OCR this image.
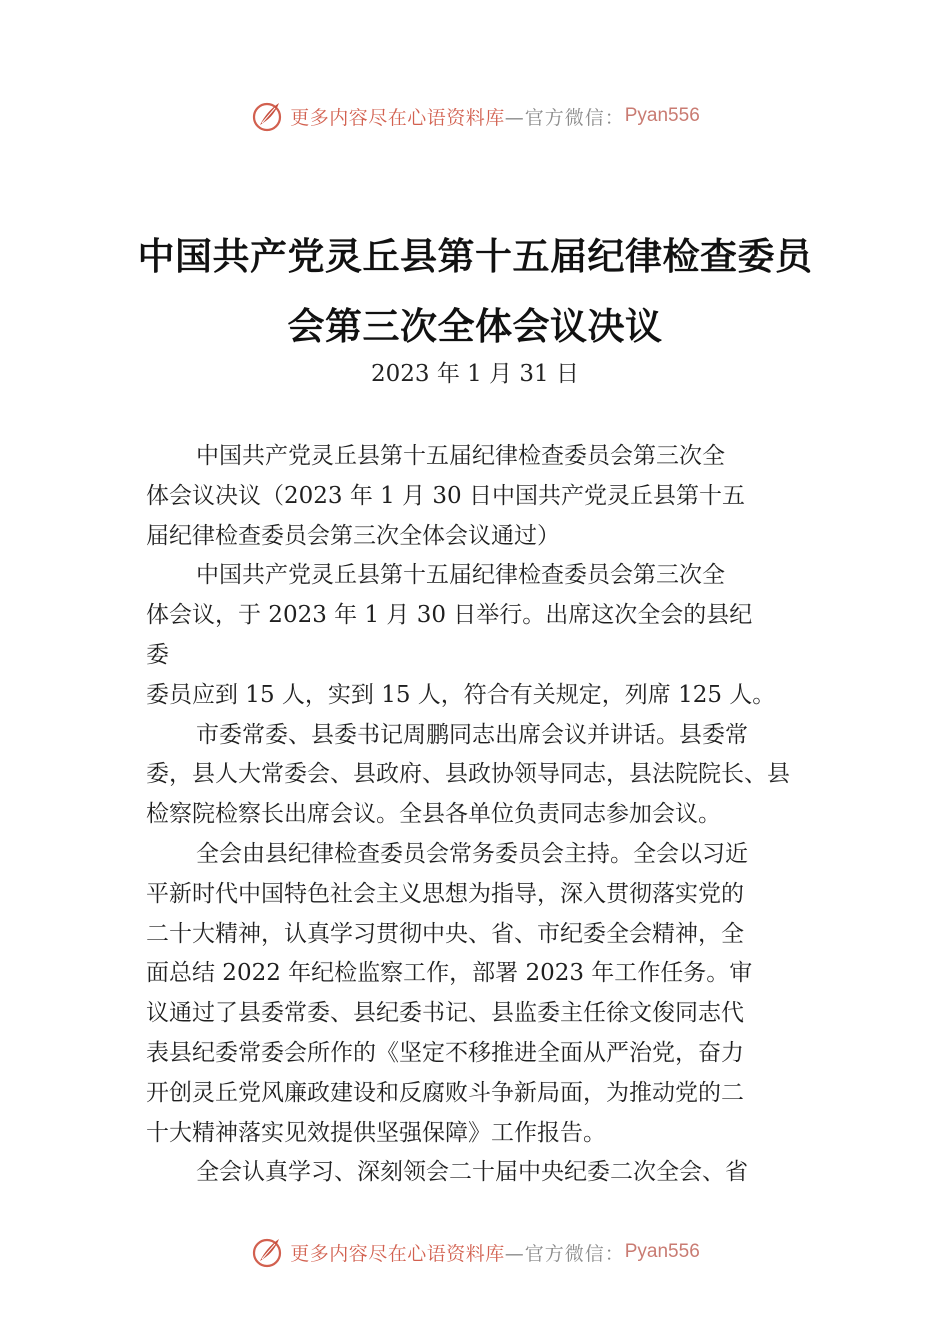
更多内容尽在心语资料库 —官方微信： Pyan556
中国共产党灵丘县第十五届纪律检查委员
会第三次全体会议决议
2023 年 1 月 31 日
中国共产党灵丘县第十五届纪律检查委员会第三次全
体会议决议（2023 年 1 月 30 日中国共产党灵丘县第十五
届纪律检查委员会第三次全体会议通过）
中国共产党灵丘县第十五届纪律检查委员会第三次全
体会议，于 2023 年 1 月 30 日举行。出席这次全会的县纪
委
委员应到 15 人，实到 15 人，符合有关规定，列席 125 人。
市委常委、县委书记周鹏同志出席会议并讲话。县委常
委，县人大常委会、县政府、县政协领导同志，县法院院长、县
检察院检察长出席会议。全县各单位负责同志参加会议。
全会由县纪律检查委员会常务委员会主持。全会以习近
平新时代中国特色社会主义思想为指导，深入贯彻落实党的
二十大精神，认真学习贯彻中央、省、市纪委全会精神，全
面总结 2022 年纪检监察工作，部署 2023 年工作任务。审
议通过了县委常委、县纪委书记、县监委主任徐文俊同志代
表县纪委常委会所作的《坚定不移推进全面从严治党，奋力
开创灵丘党风廉政建设和反腐败斗争新局面，为推动党的二
十大精神落实见效提供坚强保障》工作报告。
全会认真学习、深刻领会二十届中央纪委二次全会、省
更多内容尽在心语资料库 —官方微信： Pyan556
